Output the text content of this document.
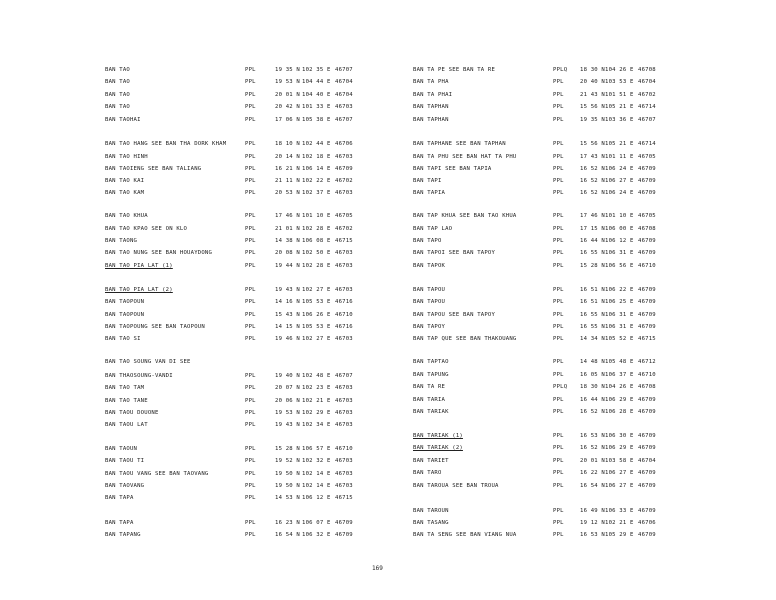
BAN TAO	PPL	19 35 N 102 35 E 46707
BAN TAO	PPL	19 53 N 104 44 E 46704
BAN TAO	PPL	20 01 N 104 40 E 46704
BAN TAO	PPL	20 42 N 101 33 E 46703
BAN TAOHAI	PPL	17 06 N 105 38 E 46707
BAN TAO HANG SEE BAN THA DORK KHAM	PPL	18 10 N 102 44 E 46706
BAN TAO HINH	PPL	20 14 N 102 18 E 46703
BAN TAOIENG SEE BAN TALIANG	PPL	16 21 N 106 14 E 46709
BAN TAO KAI	PPL	21 11 N 102 22 E 46702
BAN TAO KAM	PPL	20 53 N 102 37 E 46703
BAN TAO KHUA	PPL	17 46 N 101 10 E 46705
BAN TAO KPAO SEE ON KLO	PPL	21 01 N 102 28 E 46702
BAN TAONG	PPL	14 38 N 106 08 E 46715
BAN TAO NUNG SEE BAN HOUAYDONG	PPL	20 08 N 102 50 E 46703
BAN TAO PIA LAT (1)	PPL	19 44 N 102 28 E 46703
BAN TAO PIA LAT (2)	PPL	19 43 N 102 27 E 46703
BAN TAOPOUN	PPL	14 16 N 105 53 E 46716
BAN TAOPOUN	PPL	15 43 N 106 26 E 46710
BAN TAOPOUNG SEE BAN TAOPOUN	PPL	14 15 N 105 53 E 46716
BAN TAO SI	PPL	19 46 N 102 27 E 46703
BAN TAO SOUNG VAN DI SEE
BAN THAOSOUNG-VANDI	PPL	19 40 N 102 48 E 46707
BAN TAO TAM	PPL	20 07 N 102 23 E 46703
BAN TAO TANE	PPL	20 06 N 102 21 E 46703
BAN TAOU DOUONE	PPL	19 53 N 102 29 E 46703
BAN TAOU LAT	PPL	19 43 N 102 34 E 46703
BAN TAOUN	PPL	15 28 N 106 57 E 46710
BAN TAOU TI	PPL	19 52 N 102 32 E 46703
BAN TAOU VANG SEE BAN TAOVANG	PPL	19 50 N 102 14 E 46703
BAN TAOVANG	PPL	19 50 N 102 14 E 46703
BAN TAPA	PPL	14 53 N 106 12 E 46715
BAN TAPA	PPL	16 23 N 106 07 E 46709
BAN TAPANG	PPL	16 54 N 106 32 E 46709
BAN TA PE SEE BAN TA RE	PPLQ 18 30 N 104 26 E 46708
BAN TA PHA	PPL	20 40 N 103 53 E 46704
BAN TA PHAI	PPL	21 43 N 101 51 E 46702
BAN TAPHAN	PPL	15 56 N 105 21 E 46714
BAN TAPHAN	PPL	19 35 N 103 36 E 46707
BAN TAPHANE SEE BAN TAPHAN	PPL	15 56 N 105 21 E 46714
BAN TA PHU SEE BAN HAT TA PHU	PPL	17 43 N 101 11 E 46705
BAN TAPI SEE BAN TAPIA	PPL	16 52 N 106 24 E 46709
BAN TAPI	PPL	16 52 N 106 27 E 46709
BAN TAPIA	PPL	16 52 N 106 24 E 46709
BAN TAP KHUA SEE BAN TAO KHUA	PPL	17 46 N 101 10 E 46705
BAN TAP LAO	PPL	17 15 N 106 00 E 46708
BAN TAPO	PPL	16 44 N 106 12 E 46709
BAN TAPOI SEE BAN TAPOY	PPL	16 55 N 106 31 E 46709
BAN TAPOK	PPL	15 28 N 106 56 E 46710
BAN TAPOU	PPL	16 51 N 106 22 E 46709
BAN TAPOU	PPL	16 51 N 106 25 E 46709
BAN TAPOU SEE BAN TAPOY	PPL	16 55 N 106 31 E 46709
BAN TAPOY	PPL	16 55 N 106 31 E 46709
BAN TAP QUE SEE BAN THAKOUANG	PPL	14 34 N 105 52 E 46715
BAN TAPTAO	PPL	14 48 N 105 48 E 46712
BAN TAPUNG	PPL	16 05 N 106 37 E 46710
BAN TA RE	PPLQ 18 30 N 104 26 E 46708
BAN TARIA	PPL	16 44 N 106 29 E 46709
BAN TARIAK	PPL	16 52 N 106 28 E 46709
BAN TARIAK (1)	PPL	16 53 N 106 30 E 46709
BAN TARIAK (2)	PPL	16 52 N 106 29 E 46709
BAN TARIET	PPL	20 01 N 103 58 E 46704
BAN TARO	PPL	16 22 N 106 27 E 46709
BAN TAROUA SEE BAN TROUA	PPL	16 54 N 106 27 E 46709
BAN TAROUN	PPL	16 49 N 106 33 E 46709
BAN TASANG	PPL	19 12 N 102 21 E 46706
BAN TA SENG SEE BAN VIANG NUA	PPL	16 53 N 105 29 E 46709
169
